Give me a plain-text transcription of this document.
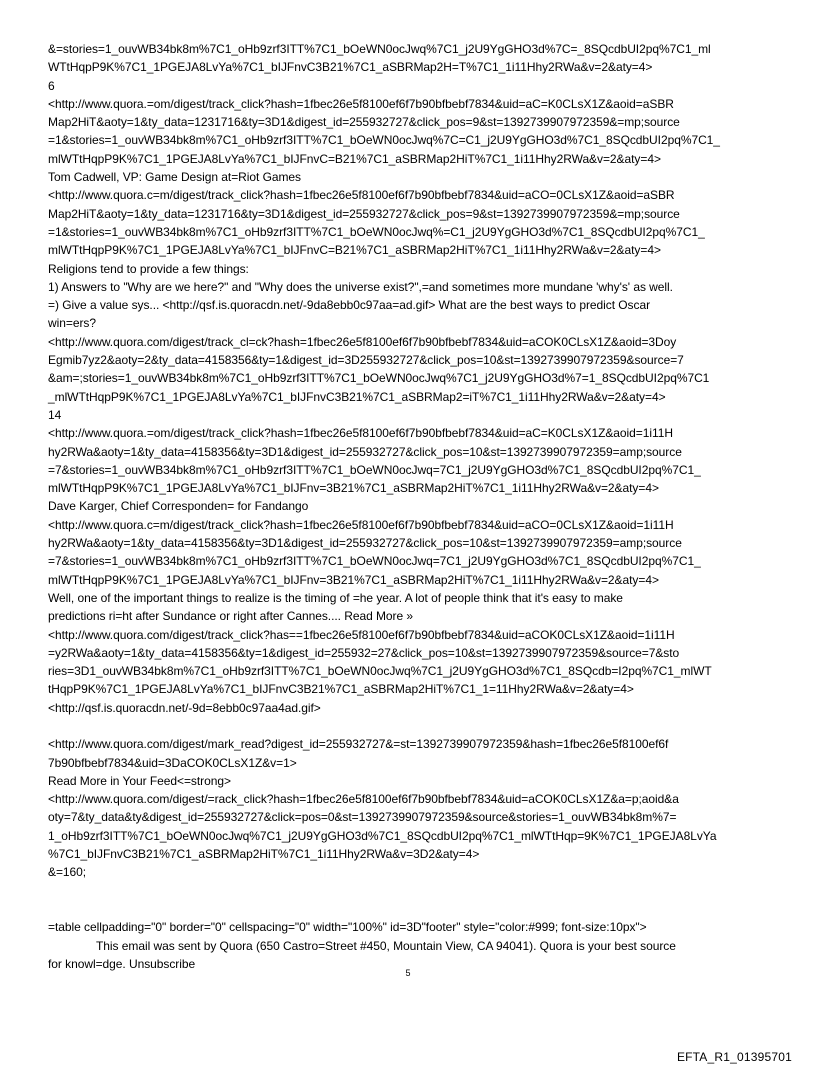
&=stories=1_ouvWB34bk8m%7C1_oHb9zrf3ITT%7C1_bOeWN0ocJwq%7C1_j2U9YgGHO3d%7C=_8SQcdbUI2pq%7C1_ml
WTtHqpP9K%7C1_1PGEJA8LvYa%7C1_bIJFnvC3B21%7C1_aSBRMap2H=T%7C1_1i11Hhy2RWa&v=2&aty=4>
6
<http://www.quora.=om/digest/track_click?hash=1fbec26e5f8100ef6f7b90bfbebf7834&uid=aC=K0CLsX1Z&aoid=aSBR
Map2HiT&aoty=1&ty_data=1231716&ty=3D1&digest_id=255932727&click_pos=9&st=1392739907972359&=mp;source
=1&stories=1_ouvWB34bk8m%7C1_oHb9zrf3ITT%7C1_bOeWN0ocJwq%7C=C1_j2U9YgGHO3d%7C1_8SQcdbUI2pq%7C1_
mlWTtHqpP9K%7C1_1PGEJA8LvYa%7C1_bIJFnvC=B21%7C1_aSBRMap2HiT%7C1_1i11Hhy2RWa&v=2&aty=4>
Tom Cadwell, VP: Game Design at=Riot Games
<http://www.quora.c=m/digest/track_click?hash=1fbec26e5f8100ef6f7b90bfbebf7834&uid=aCO=0CLsX1Z&aoid=aSBR
Map2HiT&aoty=1&ty_data=1231716&ty=3D1&digest_id=255932727&click_pos=9&st=1392739907972359&=mp;source
=1&stories=1_ouvWB34bk8m%7C1_oHb9zrf3ITT%7C1_bOeWN0ocJwq%=C1_j2U9YgGHO3d%7C1_8SQcdbUI2pq%7C1_
mlWTtHqpP9K%7C1_1PGEJA8LvYa%7C1_bIJFnvC=B21%7C1_aSBRMap2HiT%7C1_1i11Hhy2RWa&v=2&aty=4>
Religions tend to provide a few things:
1) Answers to "Why are we here?" and "Why does the universe exist?",=and sometimes more mundane 'why's' as well.
=) Give a value sys... <http://qsf.is.quoracdn.net/-9da8ebb0c97aa=ad.gif> What are the best ways to predict Oscar
win=ers?
<http://www.quora.com/digest/track_cl=ck?hash=1fbec26e5f8100ef6f7b90bfbebf7834&uid=aCOK0CLsX1Z&aoid=3Doy
Egmib7yz2&aoty=2&ty_data=4158356&ty=1&digest_id=3D255932727&click_pos=10&st=1392739907972359&source=7
&am=;stories=1_ouvWB34bk8m%7C1_oHb9zrf3ITT%7C1_bOeWN0ocJwq%7C1_j2U9YgGHO3d%7=1_8SQcdbUI2pq%7C1
_mlWTtHqpP9K%7C1_1PGEJA8LvYa%7C1_bIJFnvC3B21%7C1_aSBRMap2=iT%7C1_1i11Hhy2RWa&v=2&aty=4>
14
<http://www.quora.=om/digest/track_click?hash=1fbec26e5f8100ef6f7b90bfbebf7834&uid=aC=K0CLsX1Z&aoid=1i11H
hy2RWa&aoty=1&ty_data=4158356&ty=3D1&digest_id=255932727&click_pos=10&st=1392739907972359=amp;source
=7&stories=1_ouvWB34bk8m%7C1_oHb9zrf3ITT%7C1_bOeWN0ocJwq=7C1_j2U9YgGHO3d%7C1_8SQcdbUI2pq%7C1_
mlWTtHqpP9K%7C1_1PGEJA8LvYa%7C1_bIJFnv=3B21%7C1_aSBRMap2HiT%7C1_1i11Hhy2RWa&v=2&aty=4>
Dave Karger, Chief Corresponden= for Fandango
<http://www.quora.c=m/digest/track_click?hash=1fbec26e5f8100ef6f7b90bfbebf7834&uid=aCO=0CLsX1Z&aoid=1i11H
hy2RWa&aoty=1&ty_data=4158356&ty=3D1&digest_id=255932727&click_pos=10&st=1392739907972359=amp;source
=7&stories=1_ouvWB34bk8m%7C1_oHb9zrf3ITT%7C1_bOeWN0ocJwq=7C1_j2U9YgGHO3d%7C1_8SQcdbUI2pq%7C1_
mlWTtHqpP9K%7C1_1PGEJA8LvYa%7C1_bIJFnv=3B21%7C1_aSBRMap2HiT%7C1_1i11Hhy2RWa&v=2&aty=4>
Well, one of the important things to realize is the timing of =he year. A lot of people think that it's easy to make
predictions ri=ht after Sundance or right after Cannes.... Read More »
<http://www.quora.com/digest/track_click?has==1fbec26e5f8100ef6f7b90bfbebf7834&uid=aCOK0CLsX1Z&aoid=1i11H
=y2RWa&aoty=1&ty_data=4158356&ty=1&digest_id=255932=27&click_pos=10&st=1392739907972359&source=7&sto
ries=3D1_ouvWB34bk8m%7C1_oHb9zrf3ITT%7C1_bOeWN0ocJwq%7C1_j2U9YgGHO3d%7C1_8SQcdb=I2pq%7C1_mlWT
tHqpP9K%7C1_1PGEJA8LvYa%7C1_bIJFnvC3B21%7C1_aSBRMap2HiT%7C1_1=11Hhy2RWa&v=2&aty=4>
<http://qsf.is.quoracdn.net/-9d=8ebb0c97aa4ad.gif>
<http://www.quora.com/digest/mark_read?digest_id=255932727&=st=1392739907972359&hash=1fbec26e5f8100ef6f
7b90bfbebf7834&uid=3DaCOK0CLsX1Z&v=1>
Read More in Your Feed<=strong>
<http://www.quora.com/digest/=rack_click?hash=1fbec26e5f8100ef6f7b90bfbebf7834&uid=aCOK0CLsX1Z&a=p;aoid&a
oty=7&ty_data&ty&digest_id=255932727&click=pos=0&st=1392739907972359&source&stories=1_ouvWB34bk8m%7=
1_oHb9zrf3ITT%7C1_bOeWN0ocJwq%7C1_j2U9YgGHO3d%7C1_8SQcdbUI2pq%7C1_mlWTtHqp=9K%7C1_1PGEJA8LvYa
%7C1_bIJFnvC3B21%7C1_aSBRMap2HiT%7C1_1i11Hhy2RWa&v=3D2&aty=4>
&=160;
=table cellpadding="0" border="0" cellspacing="0" width="100%" id=3D"footer" style="color:#999; font-size:10px">
This email was sent by Quora (650 Castro=Street #450, Mountain View, CA 94041). Quora is your best source
for knowl=dge. Unsubscribe
5
EFTA_R1_01395701
